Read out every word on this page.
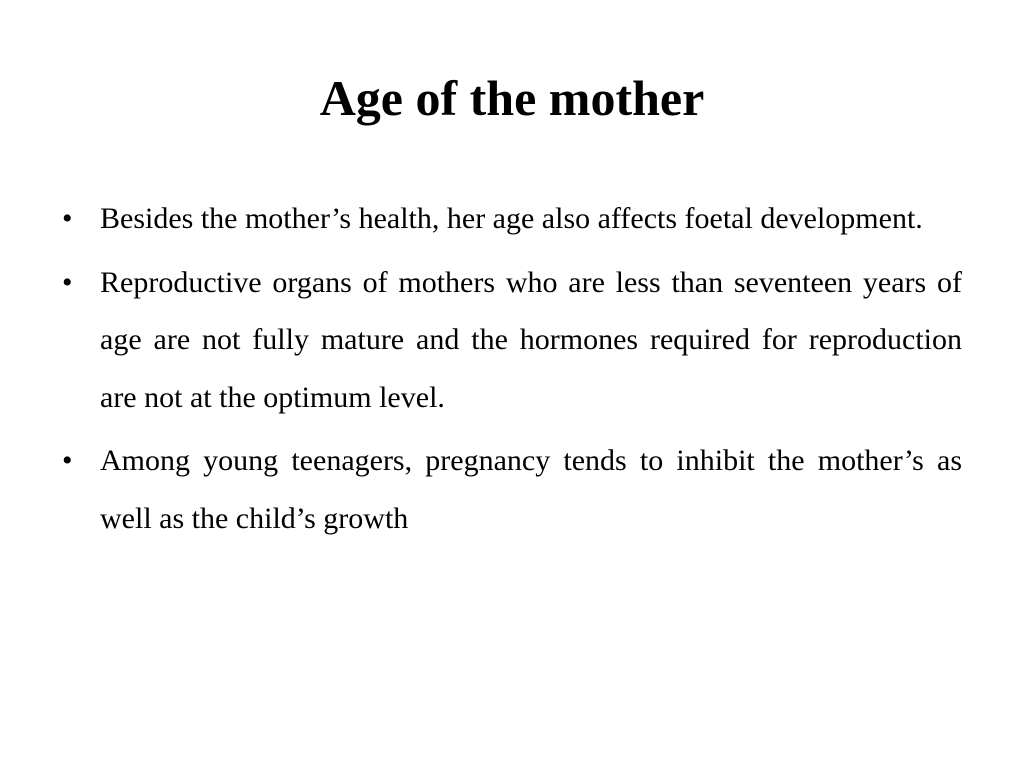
Age of the mother
• Besides the mother’s health, her age also affects foetal development.
• Reproductive organs of mothers who are less than seventeen years of age are not fully mature and the hormones required for reproduction are not at the optimum level.
• Among young teenagers, pregnancy tends to inhibit the mother’s as well as the child’s growth
